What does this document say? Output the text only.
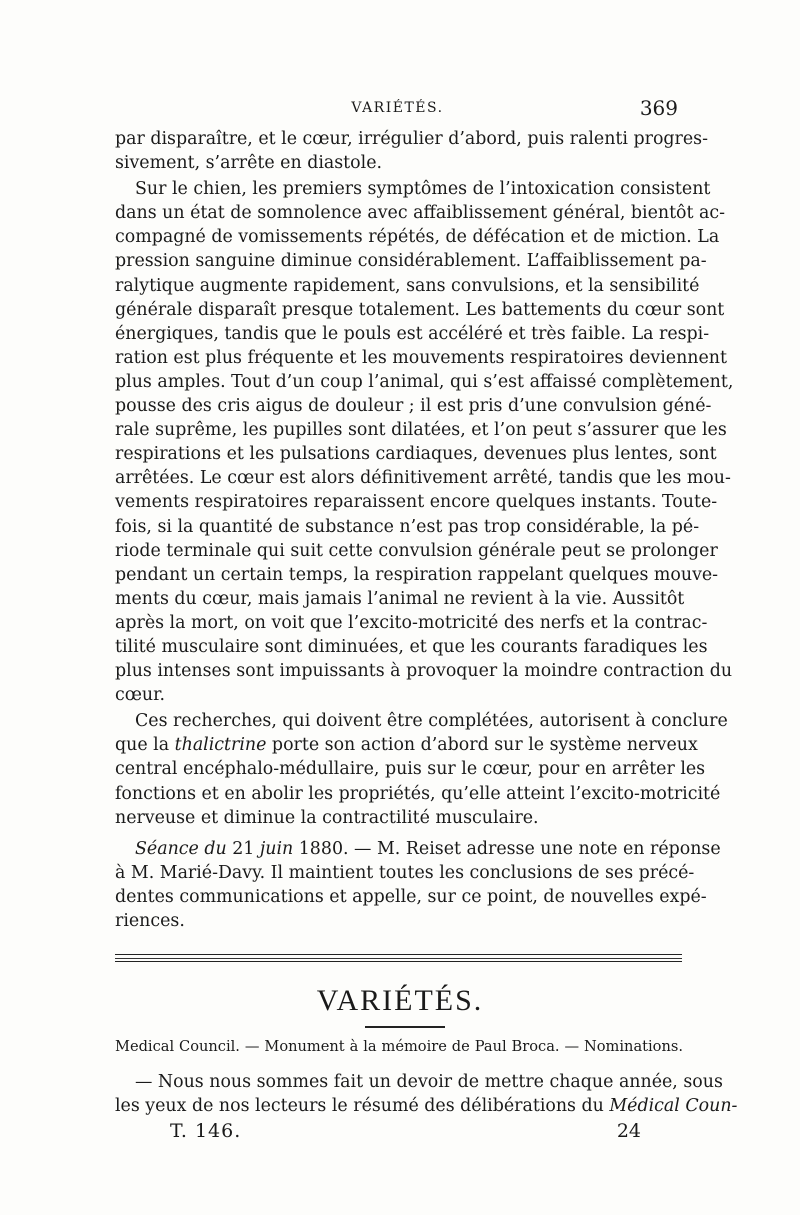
VARIÉTÉS.	369
par disparaître, et le cœur, irrégulier d’abord, puis ralenti progres-
sivement, s’arrête en diastole.
Sur le chien, les premiers symptômes de l’intoxication consistent
dans un état de somnolence avec affaiblissement général, bientôt ac-
compagné de vomissements répétés, de défécation et de miction. La
pression sanguine diminue considérablement. L’affaiblissement pa-
ralytique augmente rapidement, sans convulsions, et la sensibilité
générale disparaît presque totalement. Les battements du cœur sont
énergiques, tandis que le pouls est accéléré et très faible. La respi-
ration est plus fréquente et les mouvements respiratoires deviennent
plus amples. Tout d’un coup l’animal, qui s’est affaissé complètement,
pousse des cris aigus de douleur ; il est pris d’une convulsion géné-
rale suprême, les pupilles sont dilatées, et l’on peut s’assurer que les
respirations et les pulsations cardiaques, devenues plus lentes, sont
arrêtées. Le cœur est alors définitivement arrêté, tandis que les mou-
vements respiratoires reparaissent encore quelques instants. Toute-
fois, si la quantité de substance n’est pas trop considérable, la pé-
riode terminale qui suit cette convulsion générale peut se prolonger
pendant un certain temps, la respiration rappelant quelques mouve-
ments du cœur, mais jamais l’animal ne revient à la vie. Aussitôt
après la mort, on voit que l’excito-motricité des nerfs et la contrac-
tilité musculaire sont diminuées, et que les courants faradiques les
plus intenses sont impuissants à provoquer la moindre contraction du
cœur.
Ces recherches, qui doivent être complétées, autorisent à conclure
que la thalictrine porte son action d’abord sur le système nerveux
central encéphalo-médullaire, puis sur le cœur, pour en arrêter les
fonctions et en abolir les propriétés, qu’elle atteint l’excito-motricité
nerveuse et diminue la contractilité musculaire.
Séance du 21 juin 1880. — M. Reiset adresse une note en réponse
à M. Marié-Davy. Il maintient toutes les conclusions de ses précé-
dentes communications et appelle, sur ce point, de nouvelles expé-
riences.
VARIÉTÉS.
Medical Council. — Monument à la mémoire de Paul Broca. — Nominations.
— Nous nous sommes fait un devoir de mettre chaque année, sous
les yeux de nos lecteurs le résumé des délibérations du Médical Coun-
T. 146.	24
